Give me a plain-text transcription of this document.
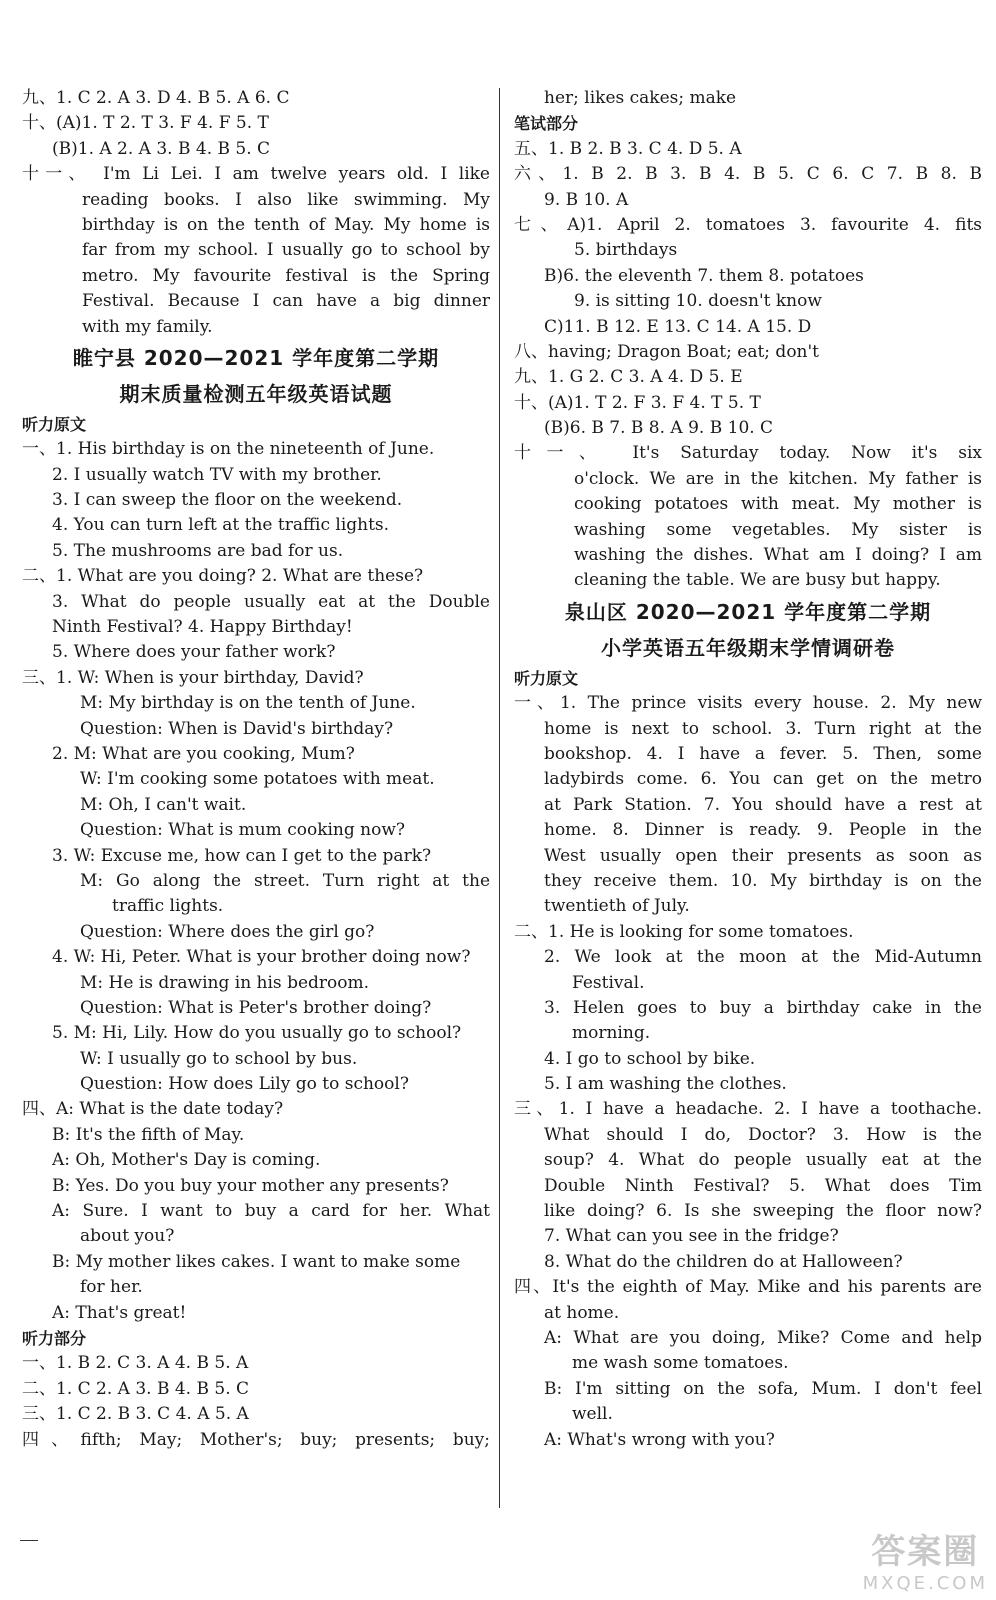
九、1. C 2. A 3. D 4. B 5. A 6. C
十、(A)1. T 2. T 3. F 4. F 5. T
(B)1. A 2. A 3. B 4. B 5. C
十一、 I'm Li Lei. I am twelve years old. I like
reading books. I also like swimming. My
birthday is on the tenth of May. My home is
far from my school. I usually go to school by
metro. My favourite festival is the Spring
Festival. Because I can have a big dinner
with my family.
睢宁县 2020—2021 学年度第二学期
期末质量检测五年级英语试题
听力原文
一、1. His birthday is on the nineteenth of June.
2. I usually watch TV with my brother.
3. I can sweep the floor on the weekend.
4. You can turn left at the traffic lights.
5. The mushrooms are bad for us.
二、1. What are you doing? 2. What are these?
3. What do people usually eat at the Double
Ninth Festival? 4. Happy Birthday!
5. Where does your father work?
三、1. W: When is your birthday, David?
M: My birthday is on the tenth of June.
Question: When is David's birthday?
2. M: What are you cooking, Mum?
W: I'm cooking some potatoes with meat.
M: Oh, I can't wait.
Question: What is mum cooking now?
3. W: Excuse me, how can I get to the park?
M: Go along the street. Turn right at the
traffic lights.
Question: Where does the girl go?
4. W: Hi, Peter. What is your brother doing now?
M: He is drawing in his bedroom.
Question: What is Peter's brother doing?
5. M: Hi, Lily. How do you usually go to school?
W: I usually go to school by bus.
Question: How does Lily go to school?
四、A: What is the date today?
B: It's the fifth of May.
A: Oh, Mother's Day is coming.
B: Yes. Do you buy your mother any presents?
A: Sure. I want to buy a card for her. What
about you?
B: My mother likes cakes. I want to make some
for her.
A: That's great!
听力部分
一、1. B 2. C 3. A 4. B 5. A
二、1. C 2. A 3. B 4. B 5. C
三、1. C 2. B 3. C 4. A 5. A
四、fifth; May; Mother's; buy; presents; buy;
her; likes cakes; make
笔试部分
五、1. B 2. B 3. C 4. D 5. A
六、1. B 2. B 3. B 4. B 5. C 6. C 7. B 8. B
9. B 10. A
七、A)1. April 2. tomatoes 3. favourite 4. fits
5. birthdays
B)6. the eleventh 7. them 8. potatoes
9. is sitting 10. doesn't know
C)11. B 12. E 13. C 14. A 15. D
八、having; Dragon Boat; eat; don't
九、1. G 2. C 3. A 4. D 5. E
十、(A)1. T 2. F 3. F 4. T 5. T
(B)6. B 7. B 8. A 9. B 10. C
十一、 It's Saturday today. Now it's six
o'clock. We are in the kitchen. My father is
cooking potatoes with meat. My mother is
washing some vegetables. My sister is
washing the dishes. What am I doing? I am
cleaning the table. We are busy but happy.
泉山区 2020—2021 学年度第二学期
小学英语五年级期末学情调研卷
听力原文
一、1. The prince visits every house. 2. My new
home is next to school. 3. Turn right at the
bookshop. 4. I have a fever. 5. Then, some
ladybirds come. 6. You can get on the metro
at Park Station. 7. You should have a rest at
home. 8. Dinner is ready. 9. People in the
West usually open their presents as soon as
they receive them. 10. My birthday is on the
twentieth of July.
二、1. He is looking for some tomatoes.
2. We look at the moon at the Mid-Autumn
Festival.
3. Helen goes to buy a birthday cake in the
morning.
4. I go to school by bike.
5. I am washing the clothes.
三、1. I have a headache. 2. I have a toothache.
What should I do, Doctor? 3. How is the
soup? 4. What do people usually eat at the
Double Ninth Festival? 5. What does Tim
like doing? 6. Is she sweeping the floor now?
7. What can you see in the fridge?
8. What do the children do at Halloween?
四、It's the eighth of May. Mike and his parents are
at home.
A: What are you doing, Mike? Come and help
me wash some tomatoes.
B: I'm sitting on the sofa, Mum. I don't feel
well.
A: What's wrong with you?
答案圈
MXQE.COM
